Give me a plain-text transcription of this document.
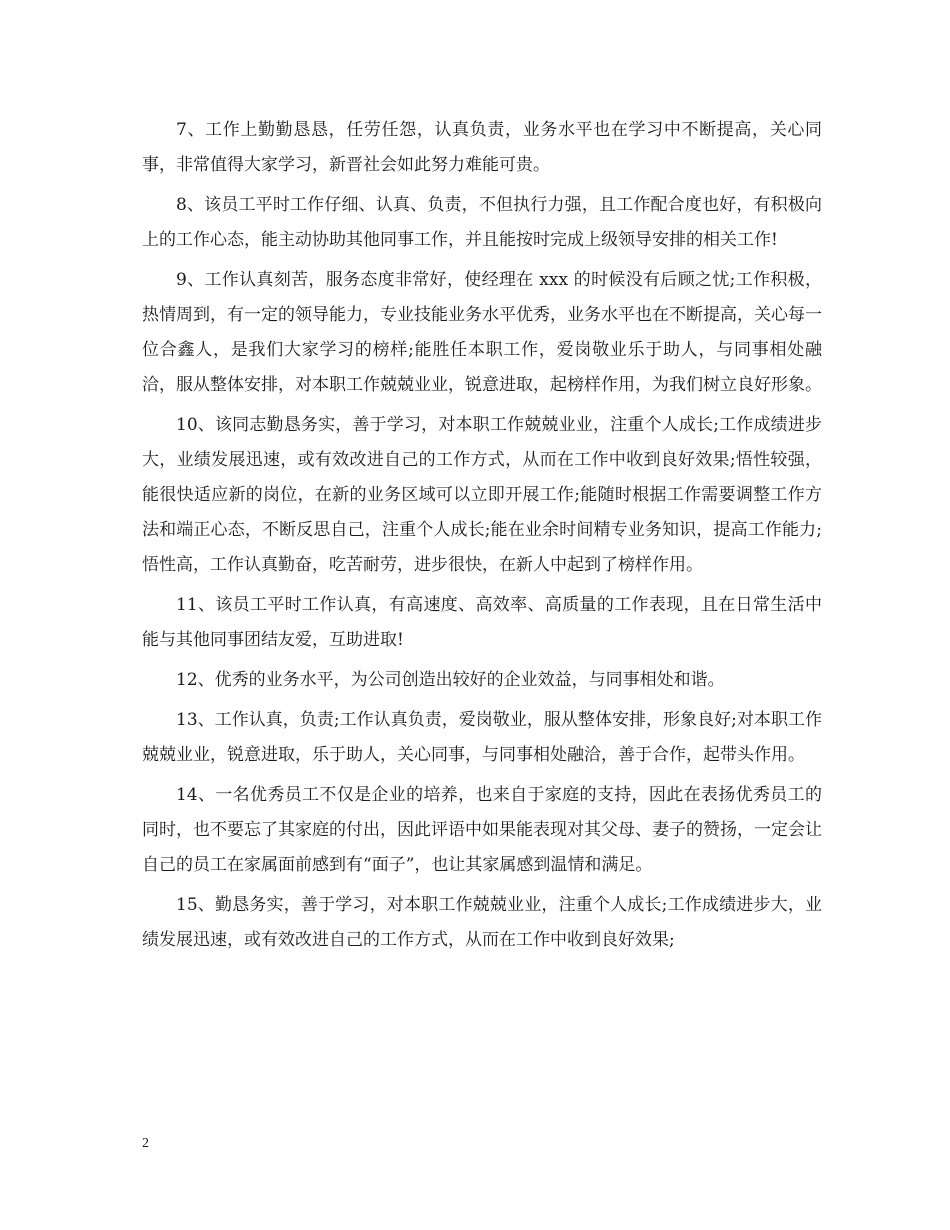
7、工作上勤勤恳恳，任劳任怨，认真负责，业务水平也在学习中不断提高，关心同事，非常值得大家学习，新晋社会如此努力难能可贵。

8、该员工平时工作仔细、认真、负责，不但执行力强，且工作配合度也好，有积极向上的工作心态，能主动协助其他同事工作，并且能按时完成上级领导安排的相关工作!

9、工作认真刻苦，服务态度非常好，使经理在 xxx 的时候没有后顾之忧;工作积极，热情周到，有一定的领导能力，专业技能业务水平优秀，业务水平也在不断提高，关心每一位合鑫人，是我们大家学习的榜样;能胜任本职工作，爱岗敬业乐于助人，与同事相处融洽，服从整体安排，对本职工作兢兢业业，锐意进取，起榜样作用，为我们树立良好形象。

10、该同志勤恳务实，善于学习，对本职工作兢兢业业，注重个人成长;工作成绩进步大，业绩发展迅速，或有效改进自己的工作方式，从而在工作中收到良好效果;悟性较强，能很快适应新的岗位，在新的业务区域可以立即开展工作;能随时根据工作需要调整工作方法和端正心态，不断反思自己，注重个人成长;能在业余时间精专业务知识，提高工作能力;悟性高，工作认真勤奋，吃苦耐劳，进步很快，在新人中起到了榜样作用。

11、该员工平时工作认真，有高速度、高效率、高质量的工作表现，且在日常生活中能与其他同事团结友爱，互助进取!

12、优秀的业务水平，为公司创造出较好的企业效益，与同事相处和谐。

13、工作认真，负责;工作认真负责，爱岗敬业，服从整体安排，形象良好;对本职工作兢兢业业，锐意进取，乐于助人，关心同事，与同事相处融洽，善于合作，起带头作用。

14、一名优秀员工不仅是企业的培养，也来自于家庭的支持，因此在表扬优秀员工的同时，也不要忘了其家庭的付出，因此评语中如果能表现对其父母、妻子的赞扬，一定会让自己的员工在家属面前感到有“面子”，也让其家属感到温情和满足。

15、勤恳务实，善于学习，对本职工作兢兢业业，注重个人成长;工作成绩进步大，业绩发展迅速，或有效改进自己的工作方式，从而在工作中收到良好效果;

2
